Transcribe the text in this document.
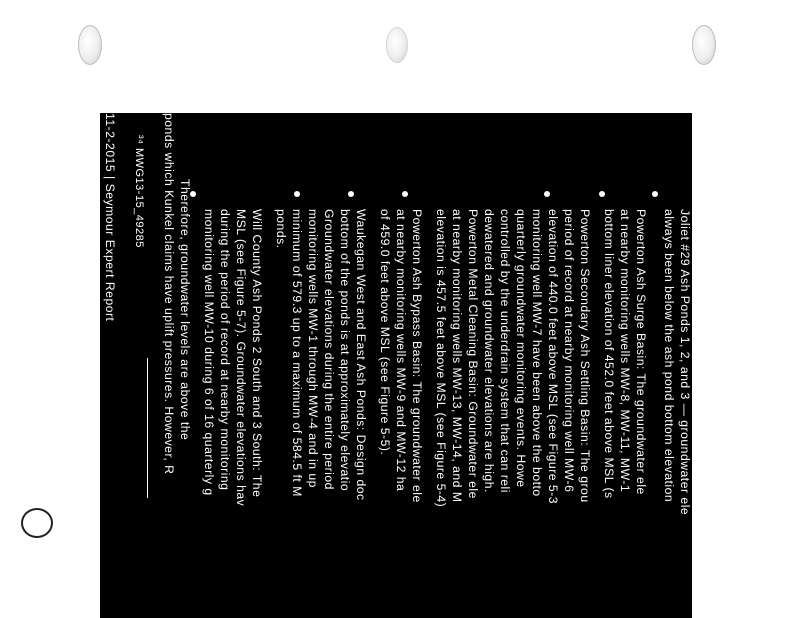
Joliet #29 Ash Ponds 1, 2, and 3 — groundwater ele
always been below the ash pond bottom elevation
Powerton Ash Surge Basin: The groundwater ele
at nearby monitoring wells MW-8, MW-11, MW-1
bottom liner elevation of 452.0 feet above MSL (s
Powerton Secondary Ash Settling Basin: The grou
period of record at nearby monitoring well MW-6
elevation of 440.0 feet above MSL (see Figure 5-3
monitoring well MW-7 have been above the botto
quarterly groundwater monitoring events. Howe
controlled by the underdrain system that can reli
dewatered and groundwater elevations are high.
Powerton Metal Cleaning Basin: Groundwater ele
at nearby monitoring wells MW-13, MW-14, and M
elevation is 457.5 feet above MSL (see Figure 5-4)
Powerton Ash Bypass Basin: The groundwater ele
at nearby monitoring wells MW-9 and MW-12 ha
of 459.0 feet above MSL (see Figure 5-5).
Waukegan West and East Ash Ponds: Design doc
bottom of the ponds is at approximately elevatio
Groundwater elevations during the entire period
monitoring wells MW-1 through MW-4 and in up
minimum of 579.3 up to a maximum of 584.5 ft M
ponds.
Will County Ash Ponds 2 South and 3 South: The
MSL (see Figure 5-7). Groundwater elevations hav
during the period of record at nearby monitoring
monitoring well MW-10 during 6 of 16 quarterly g
Therefore, groundwater levels are above the
ponds which Kunkel claims have uplift pressures. However, R
³⁴ MWG13-15_49285
11-2-2015 | Seymour Expert Report
